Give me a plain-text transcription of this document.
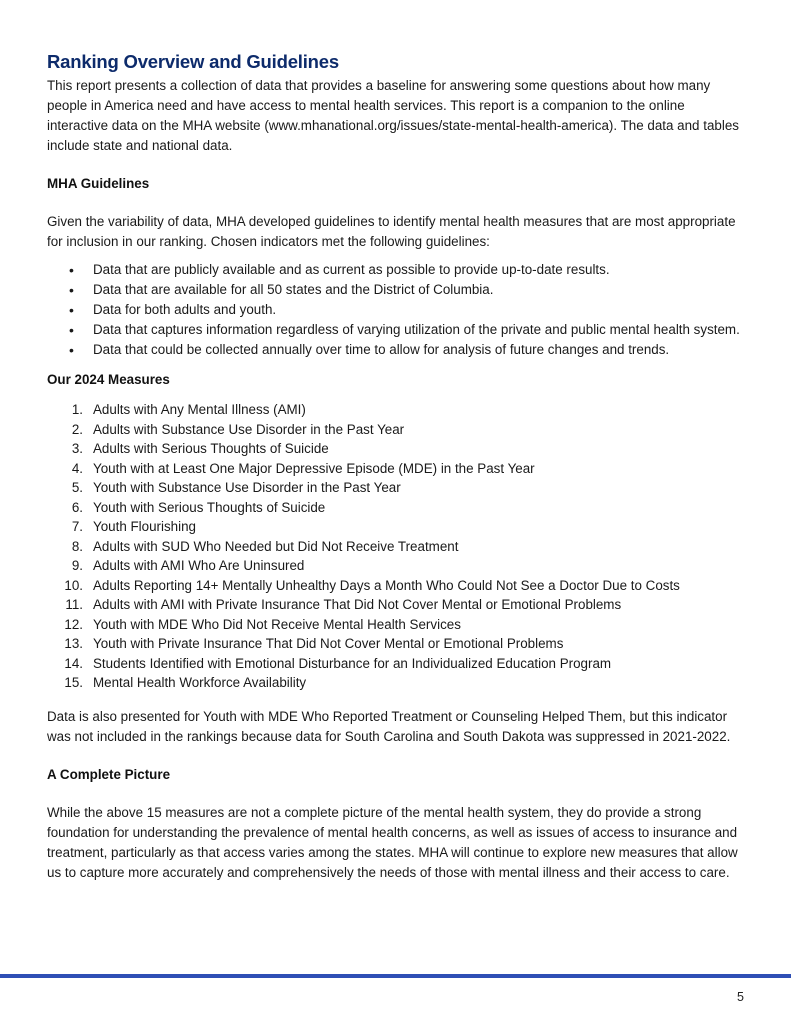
Ranking Overview and Guidelines

This report presents a collection of data that provides a baseline for answering some questions about how many people in America need and have access to mental health services. This report is a companion to the online interactive data on the MHA website (www.mhanational.org/issues/state-mental-health-america). The data and tables include state and national data.

MHA Guidelines

Given the variability of data, MHA developed guidelines to identify mental health measures that are most appropriate for inclusion in our ranking. Chosen indicators met the following guidelines:

• Data that are publicly available and as current as possible to provide up-to-date results.
• Data that are available for all 50 states and the District of Columbia.
• Data for both adults and youth.
• Data that captures information regardless of varying utilization of the private and public mental health system.
• Data that could be collected annually over time to allow for analysis of future changes and trends.
Our 2024 Measures
1. Adults with Any Mental Illness (AMI)
2. Adults with Substance Use Disorder in the Past Year
3. Adults with Serious Thoughts of Suicide
4. Youth with at Least One Major Depressive Episode (MDE) in the Past Year
5. Youth with Substance Use Disorder in the Past Year
6. Youth with Serious Thoughts of Suicide
7. Youth Flourishing
8. Adults with SUD Who Needed but Did Not Receive Treatment
9. Adults with AMI Who Are Uninsured
10. Adults Reporting 14+ Mentally Unhealthy Days a Month Who Could Not See a Doctor Due to Costs
11. Adults with AMI with Private Insurance That Did Not Cover Mental or Emotional Problems
12. Youth with MDE Who Did Not Receive Mental Health Services
13. Youth with Private Insurance That Did Not Cover Mental or Emotional Problems
14. Students Identified with Emotional Disturbance for an Individualized Education Program
15. Mental Health Workforce Availability

Data is also presented for Youth with MDE Who Reported Treatment or Counseling Helped Them, but this indicator was not included in the rankings because data for South Carolina and South Dakota was suppressed in 2021-2022.

A Complete Picture

While the above 15 measures are not a complete picture of the mental health system, they do provide a strong foundation for understanding the prevalence of mental health concerns, as well as issues of access to insurance and treatment, particularly as that access varies among the states. MHA will continue to explore new measures that allow us to capture more accurately and comprehensively the needs of those with mental illness and their access to care.

5
